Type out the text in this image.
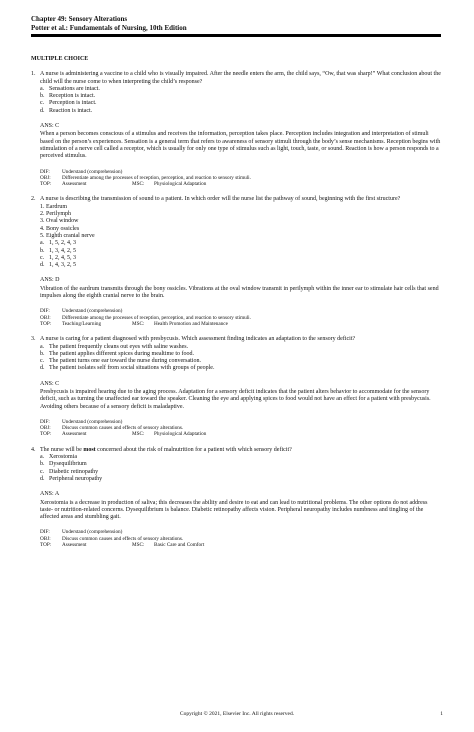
Chapter 49: Sensory Alterations
Potter et al.: Fundamentals of Nursing, 10th Edition
MULTIPLE CHOICE
1. A nurse is administering a vaccine to a child who is visually impaired. After the needle enters the arm, the child says, “Ow, that was sharp!” What conclusion about the child will the nurse come to when interpreting the child’s response?
a. Sensations are intact.
b. Reception is intact.
c. Perception is intact.
d. Reaction is intact.
ANS: C
When a person becomes conscious of a stimulus and receives the information, perception takes place. Perception includes integration and interpretation of stimuli based on the person’s experiences. Sensation is a general term that refers to awareness of sensory stimuli through the body’s sense mechanisms. Reception begins with stimulation of a nerve cell called a receptor, which is usually for only one type of stimulus such as light, touch, taste, or sound. Reaction is how a person responds to a perceived stimulus.
DIF:	Understand (comprehension)
OBJ:	Differentiate among the processes of reception, perception, and reaction to sensory stimuli.
TOP:	Assessment	MSC:	Physiological Adaptation
2. A nurse is describing the transmission of sound to a patient. In which order will the nurse list the pathway of sound, beginning with the first structure?
1. Eardrum
2. Perilymph
3. Oval window
4. Bony ossicles
5. Eighth cranial nerve
a. 1, 5, 2, 4, 3
b. 1, 3, 4, 2, 5
c. 1, 2, 4, 5, 3
d. 1, 4, 3, 2, 5
ANS: D
Vibration of the eardrum transmits through the bony ossicles. Vibrations at the oval window transmit in perilymph within the inner ear to stimulate hair cells that send impulses along the eighth cranial nerve to the brain.
DIF:	Understand (comprehension)
OBJ:	Differentiate among the processes of reception, perception, and reaction to sensory stimuli.
TOP:	Teaching/Learning	MSC:	Health Promotion and Maintenance
3. A nurse is caring for a patient diagnosed with presbycusis. Which assessment finding indicates an adaptation to the sensory deficit?
a. The patient frequently cleans out eyes with saline washes.
b. The patient applies different spices during mealtime to food.
c. The patient turns one ear toward the nurse during conversation.
d. The patient isolates self from social situations with groups of people.
ANS: C
Presbycusis is impaired hearing due to the aging process. Adaptation for a sensory deficit indicates that the patient alters behavior to accommodate for the sensory deficit, such as turning the unaffected ear toward the speaker. Cleaning the eye and applying spices to food would not have an effect for a patient with presbycusis. Avoiding others because of a sensory deficit is maladaptive.
DIF:	Understand (comprehension)
OBJ:	Discuss common causes and effects of sensory alterations.
TOP:	Assessment	MSC:	Physiological Adaptation
4. The nurse will be most concerned about the risk of malnutrition for a patient with which sensory deficit?
a. Xerostomia
b. Dysequilibrium
c. Diabetic retinopathy
d. Peripheral neuropathy
ANS: A
Xerostomia is a decrease in production of saliva; this decreases the ability and desire to eat and can lead to nutritional problems. The other options do not address taste- or nutrition-related concerns. Dysequilibrium is balance. Diabetic retinopathy affects vision. Peripheral neuropathy includes numbness and tingling of the affected areas and stumbling gait.
DIF:	Understand (comprehension)
OBJ:	Discuss common causes and effects of sensory alterations.
TOP:	Assessment	MSC:	Basic Care and Comfort
Copyright © 2021, Elsevier Inc. All rights reserved.	1
